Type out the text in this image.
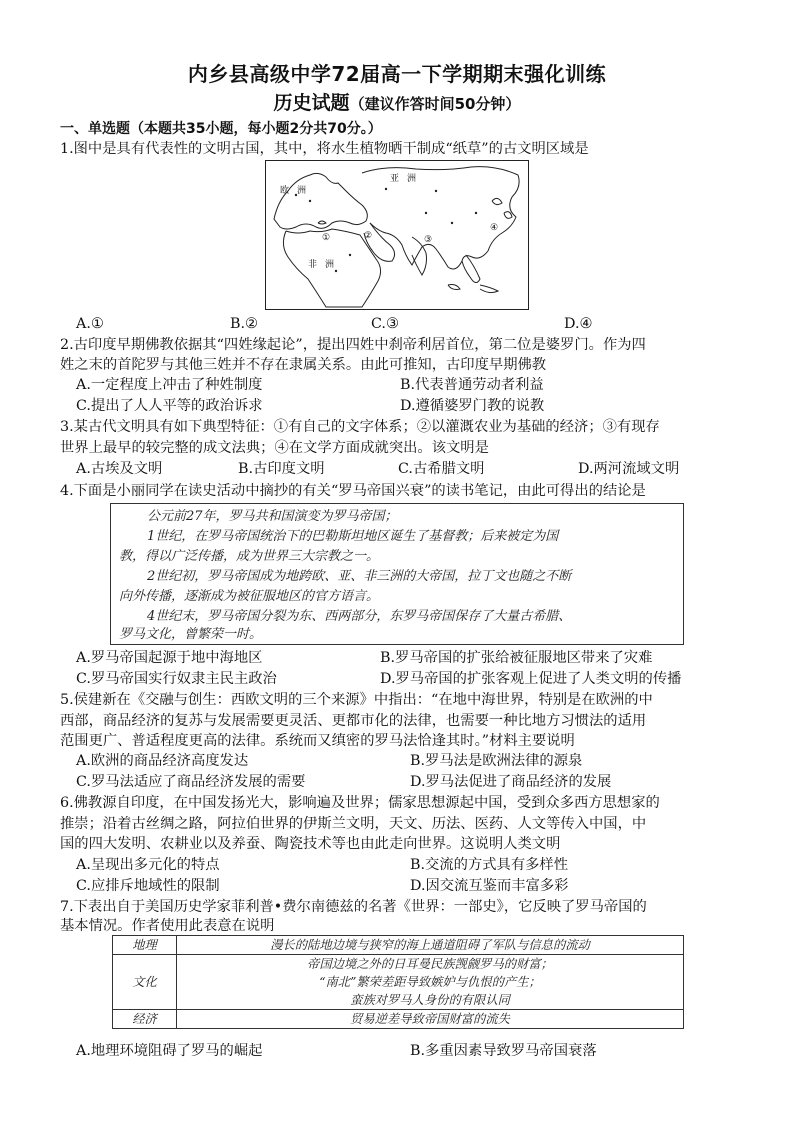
内乡县高级中学72届高一下学期期末强化训练
历史试题（建议作答时间50分钟）
一、单选题（本题共35小题，每小题2分共70分。）
1.图中是具有代表性的文明古国，其中，将水生植物晒干制成“纸草”的古文明区域是
欧洲
亚洲
非洲
①	②	③
④
A.①	B.②	C.③	D.④
2.古印度早期佛教依据其“四姓缘起论”，提出四姓中刹帝利居首位，第二位是婆罗门。作为四
姓之末的首陀罗与其他三姓并不存在隶属关系。由此可推知，古印度早期佛教
A.一定程度上冲击了种姓制度	B.代表普通劳动者利益
C.提出了人人平等的政治诉求	D.遵循婆罗门教的说教
3.某古代文明具有如下典型特征：①有自己的文字体系；②以灌溉农业为基础的经济；③有现存
世界上最早的较完整的成文法典；④在文学方面成就突出。该文明是
A.古埃及文明	B.古印度文明	C.古希腊文明	D.两河流域文明
4.下面是小丽同学在读史活动中摘抄的有关“罗马帝国兴衰”的读书笔记，由此可得出的结论是
公元前27年，罗马共和国演变为罗马帝国；
1世纪，在罗马帝国统治下的巴勒斯坦地区诞生了基督教；后来被定为国
教，得以广泛传播，成为世界三大宗教之一。
2世纪初，罗马帝国成为地跨欧、亚、非三洲的大帝国，拉丁文也随之不断
向外传播，逐渐成为被征服地区的官方语言。
4世纪末，罗马帝国分裂为东、西两部分，东罗马帝国保存了大量古希腊、
罗马文化，曾繁荣一时。
A.罗马帝国起源于地中海地区	B.罗马帝国的扩张给被征服地区带来了灾难
C.罗马帝国实行奴隶主民主政治	D.罗马帝国的扩张客观上促进了人类文明的传播
5.侯建新在《交融与创生：西欧文明的三个来源》中指出：“在地中海世界，特别是在欧洲的中
西部，商品经济的复苏与发展需要更灵活、更都市化的法律，也需要一种比地方习惯法的适用
范围更广、普适程度更高的法律。系统而又缜密的罗马法恰逢其时。”材料主要说明
A.欧洲的商品经济高度发达	B.罗马法是欧洲法律的源泉
C.罗马法适应了商品经济发展的需要	D.罗马法促进了商品经济的发展
6.佛教源自印度，在中国发扬光大，影响遍及世界；儒家思想源起中国，受到众多西方思想家的
推崇；沿着古丝绸之路，阿拉伯世界的伊斯兰文明，天文、历法、医药、人文等传入中国，中
国的四大发明、农耕业以及养蚕、陶瓷技术等也由此走向世界。这说明人类文明
A.呈现出多元化的特点	B.交流的方式具有多样性
C.应排斥地域性的限制	D.因交流互鉴而丰富多彩
7.下表出自于美国历史学家菲利普•费尔南德兹的名著《世界：一部史》，它反映了罗马帝国的
基本情况。作者使用此表意在说明
地理	漫长的陆地边境与狭窄的海上通道阻碍了军队与信息的流动
文化	帝国边境之外的日耳曼民族觊觎罗马的财富；
“南北”繁荣差距导致嫉妒与仇恨的产生；
蛮族对罗马人身份的有限认同

经济	贸易逆差导致帝国财富的流失
A.地理环境阻碍了罗马的崛起	B.多重因素导致罗马帝国衰落
